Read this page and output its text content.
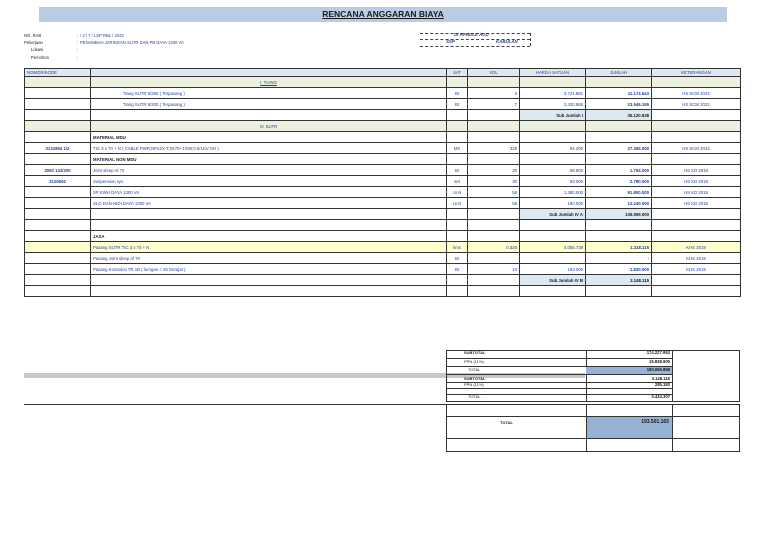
RENCANA ANGGARAN BIAYA
NO. RAB	: / 3 / 7 / LSP RBL / 2023
Pekerjaan	: PENAMBAH JARINGAN SUTR DAN PB DAYA 1300 VA
Lokasi	:
Pemohon	:
DI HANDLE AGU
SSP	KABULAN
NOMOR/KODE		SAT	VOL	HARGA SATUAN	JUMLAH	KETERANGAN
	I. TIANG					
	Tiang SUTR 9/350 ( Terpasang )	Bt	3	3.724.881	11.174.643	HS SCM 2022
	Tiang SUTR 9/200 ( Terpasang )	Bt	7	3.420.885	23.946.195	HS SCM 2022
				Sub Jumlah I	35.120.838	
	IV. SUTR					
	MATERIAL MDU					
3131894 1/2	TIC 3 x 70 + N ( CABLE PWR;NFA2X-T;3X70+1X50;0.6/1KV;OH )	Mtr	325	84.200	27.365.000	HS SCM 2022
	MATERIAL NON MDU					
3060 143/200	Joint sleep Al 70	Bt	30	58.800	1.764.000	HS KD 2018
3120692	Suspension sys	set	30	93.000	2.790.000	HS KD 2018
	SP KWH DAYA 1300 VA	Unit	58	1.380.000	91.800.000	HS KD 2018
	SLO DAN NIDI DAYA 1300 VA	Unit	58	180.000	12.240.000	HS KD 2018
				Sub Jumlah IV A	135.959.000	

	JASA					
	Pasang SUTR TIC 3 x 70 + N	kms	0,325	4.055.739	1.318.115	KHS 2019
	Pasang Joint sleep Al 70	Bt			-	KHS 2019
	Pasang Kontruksi TR 1B ( lurngan < 45 Derajat )	Bt	10	183.000	1.830.000	KHS 2019
				Sub Jumlah IV B	3.148.115	

SUBTOTAL	174.227.953
PPN (11%)	15.838.905
TOTAL	190.066.858
SUBTOTAL	3.148.115
PPN (11%)	285.192
TOTAL	3.434.307
TOTAL	193.501.165
